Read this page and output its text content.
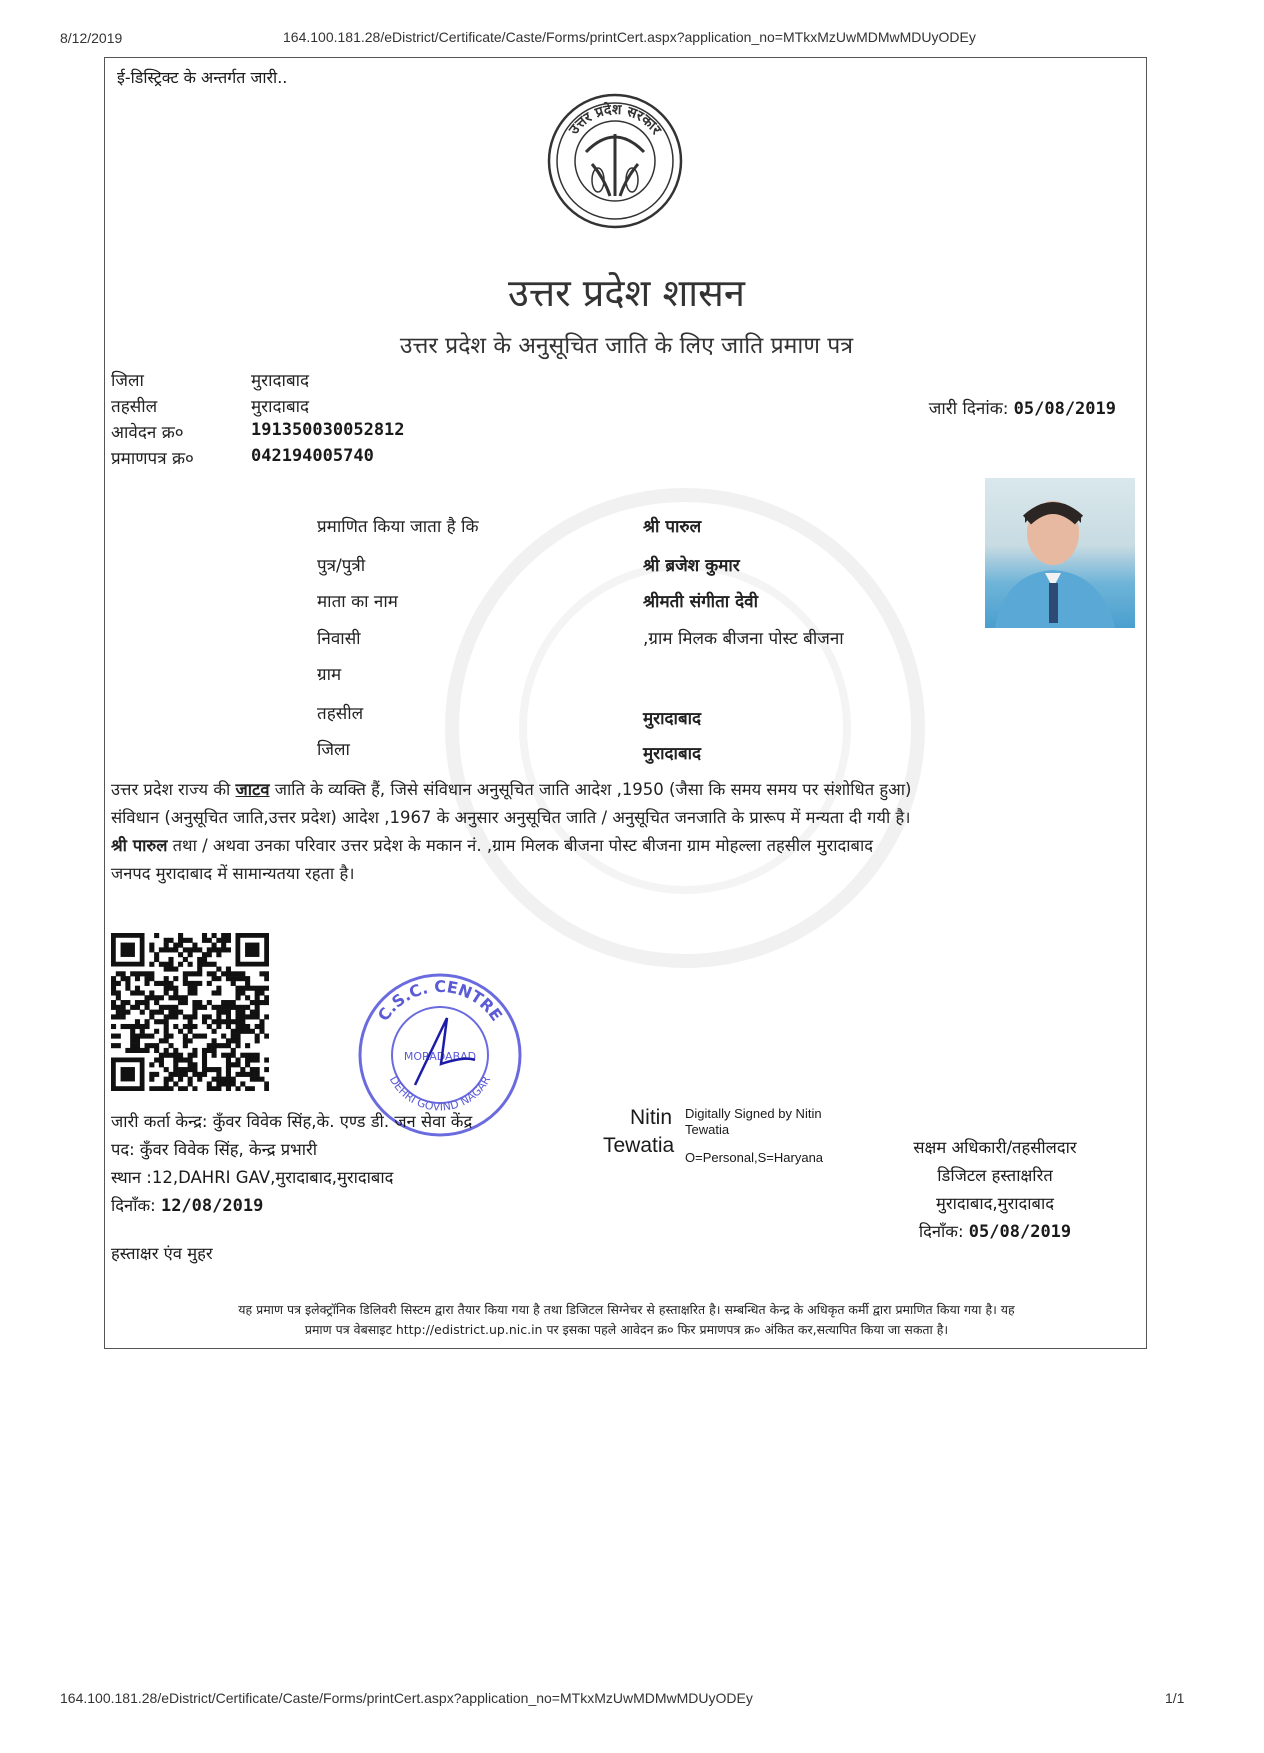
8/12/2019	164.100.181.28/eDistrict/Certificate/Caste/Forms/printCert.aspx?application_no=MTkxMzUwMDMwMDUyODEy
ई-डिस्ट्रिक्ट के अन्तर्गत जारी..
उत्तर प्रदेश सरकार
उत्तर प्रदेश शासन
उत्तर प्रदेश के अनुसूचित जाति के लिए जाति प्रमाण पत्र
जिला	मुरादाबाद
तहसील	मुरादाबाद
आवेदन क्र०	191350030052812
प्रमाणपत्र क्र०	042194005740
जारी दिनांक: 05/08/2019
प्रमाणित किया जाता है कि	श्री पारुल
पुत्र/पुत्री	श्री ब्रजेश कुमार
माता का नाम	श्रीमती संगीता देवी
निवासी	,ग्राम मिलक बीजना पोस्ट बीजना
ग्राम
तहसील	मुरादाबाद
जिला	मुरादाबाद
उत्तर प्रदेश राज्य की जाटव जाति के व्यक्ति हैं, जिसे संविधान अनुसूचित जाति आदेश ,1950 (जैसा कि समय समय पर संशोधित हुआ)
संविधान (अनुसूचित जाति,उत्तर प्रदेश) आदेश ,1967 के अनुसार अनुसूचित जाति / अनुसूचित जनजाति के प्रारूप में मन्यता दी गयी है।
श्री पारुल तथा / अथवा उनका परिवार उत्तर प्रदेश के मकान नं. ,ग्राम मिलक बीजना पोस्ट बीजना ग्राम मोहल्ला तहसील मुरादाबाद
जनपद मुरादाबाद में सामान्यतया रहता है।
C.S.C. CENTRE
DEHRI GOVIND NAGAR
MORADABAD
जारी कर्ता केन्द्र: कुँवर विवेक सिंह,के. एण्ड डी. जन सेवा केंद्र
पद: कुँवर विवेक सिंह, केन्द्र प्रभारी
स्थान :12,DAHRI GAV,मुरादाबाद,मुरादाबाद
दिनाँक: 12/08/2019
हस्ताक्षर एंव मुहर
Nitin
Tewatia
Digitally Signed by Nitin
Tewatia
O=Personal,S=Haryana
सक्षम अधिकारी/तहसीलदार
डिजिटल हस्ताक्षरित
मुरादाबाद,मुरादाबाद
दिनाँक: 05/08/2019
यह प्रमाण पत्र इलेक्ट्रॉनिक डिलिवरी सिस्टम द्वारा तैयार किया गया है तथा डिजिटल सिग्नेचर से हस्ताक्षरित है। सम्बन्धित केन्द्र के अधिकृत कर्मी द्वारा प्रमाणित किया गया है। यह
प्रमाण पत्र वेबसाइट http://edistrict.up.nic.in पर इसका पहले आवेदन क्र० फिर प्रमाणपत्र क्र० अंकित कर,सत्यापित किया जा सकता है।
164.100.181.28/eDistrict/Certificate/Caste/Forms/printCert.aspx?application_no=MTkxMzUwMDMwMDUyODEy	1/1
